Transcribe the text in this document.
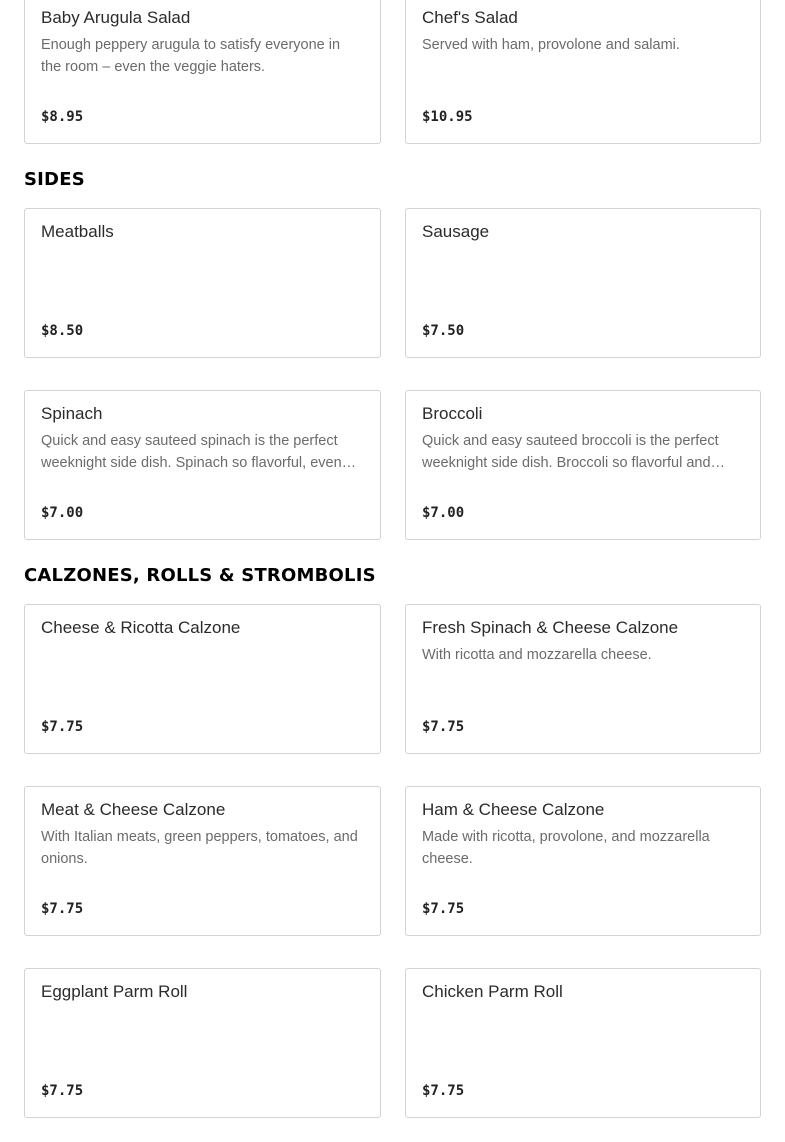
Baby Arugula Salad
Enough peppery arugula to satisfy everyone in the room – even the veggie haters.
$8.95
Chef's Salad
Served with ham, provolone and salami.
$10.95
SIDES
Meatballs
$8.50
Sausage
$7.50
Spinach
Quick and easy sauteed spinach is the perfect weeknight side dish. Spinach so flavorful, even…
$7.00
Broccoli
Quick and easy sauteed broccoli is the perfect weeknight side dish. Broccoli so flavorful and…
$7.00
CALZONES, ROLLS & STROMBOLIS
Cheese & Ricotta Calzone
$7.75
Fresh Spinach & Cheese Calzone
With ricotta and mozzarella cheese.
$7.75
Meat & Cheese Calzone
With Italian meats, green peppers, tomatoes, and onions.
$7.75
Ham & Cheese Calzone
Made with ricotta, provolone, and mozzarella cheese.
$7.75
Eggplant Parm Roll
$7.75
Chicken Parm Roll
$7.75
